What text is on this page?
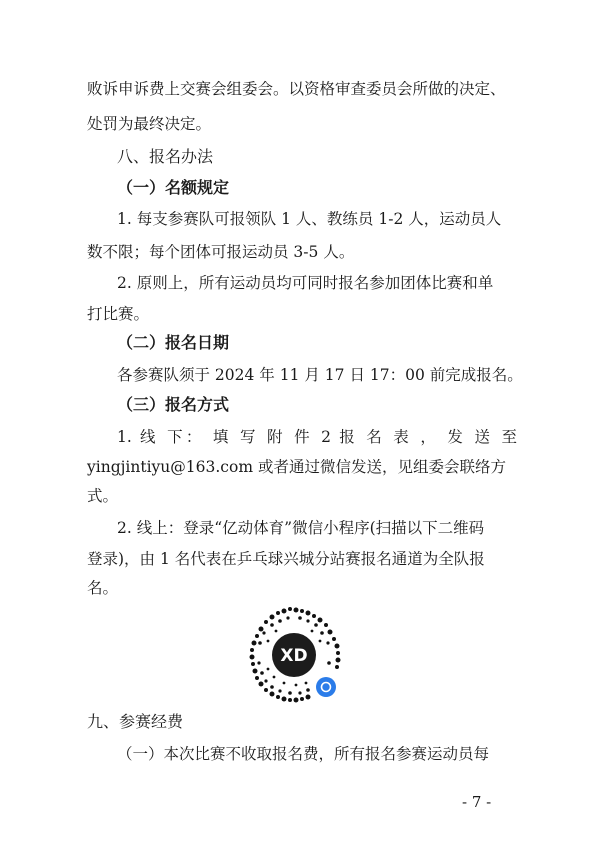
败诉申诉费上交赛会组委会。以资格审查委员会所做的决定、
处罚为最终决定。
八、报名办法
（一）名额规定
1. 每支参赛队可报领队 1 人、教练员 1-2 人，运动员人
数不限；每个团体可报运动员 3-5 人。
2. 原则上，所有运动员均可同时报名参加团体比赛和单
打比赛。
（二）报名日期
各参赛队须于 2024 年 11 月 17 日 17：00 前完成报名。
（三）报名方式
1. 线 下： 填 写 附 件 2 报 名 表 ， 发 送 至
yingjintiyu@163.com 或者通过微信发送，见组委会联络方
式。
2. 线上：登录“亿动体育”微信小程序(扫描以下二维码
登录)，由 1 名代表在乒乓球兴城分站赛报名通道为全队报
名。
XD
九、参赛经费
（一）本次比赛不收取报名费，所有报名参赛运动员每
- 7 -
